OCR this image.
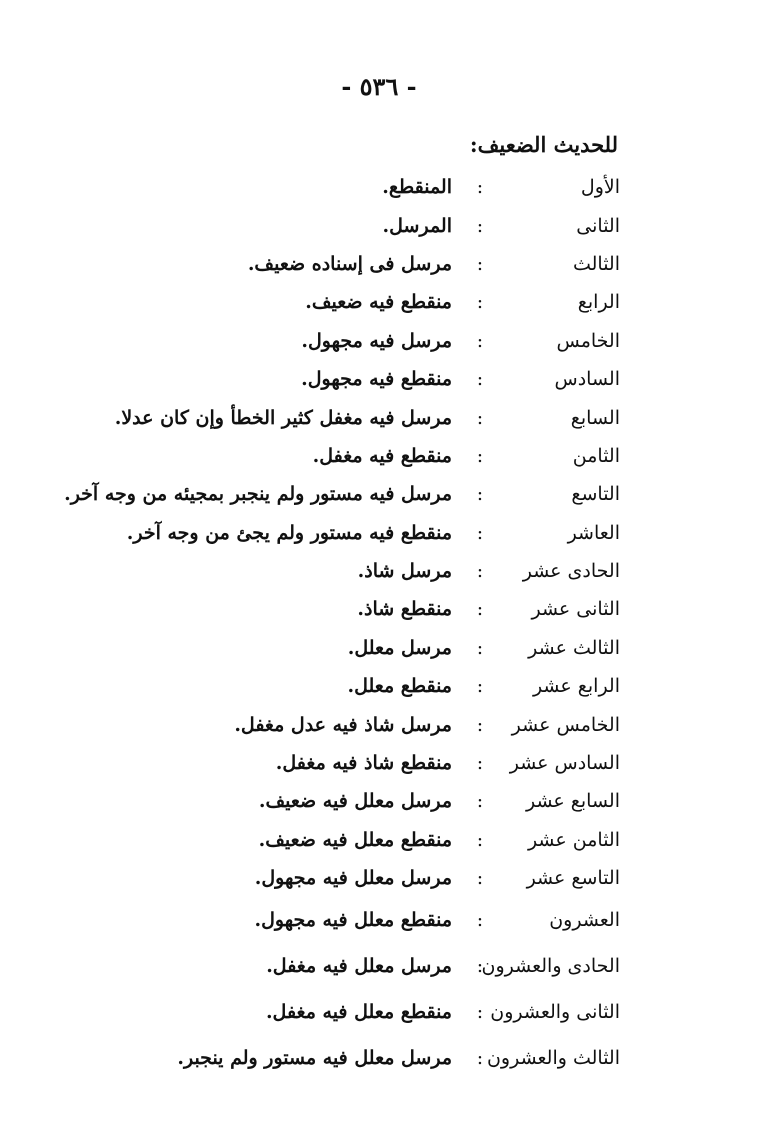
- ٥٣٦ -
للحديث الضعيف:
الأول
:
المنقطع.
الثانى
:
المرسل.
الثالث
:
مرسل فى إسناده ضعيف.
الرابع
:
منقطع فيه ضعيف.
الخامس
:
مرسل فيه مجهول.
السادس
:
منقطع فيه مجهول.
السابع
:
مرسل فيه مغفل كثير الخطأ وإن كان عدلا.
الثامن
:
منقطع فيه مغفل.
التاسع
:
مرسل فيه مستور ولم ينجبر بمجيئه من وجه آخر.
العاشر
:
منقطع فيه مستور ولم يجئ من وجه آخر.
الحادى عشر
:
مرسل شاذ.
الثانى عشر
:
منقطع شاذ.
الثالث عشر
:
مرسل معلل.
الرابع عشر
:
منقطع معلل.
الخامس عشر
:
مرسل شاذ فيه عدل مغفل.
السادس عشر
:
منقطع شاذ فيه مغفل.
السابع عشر
:
مرسل معلل فيه ضعيف.
الثامن عشر
:
منقطع معلل فيه ضعيف.
التاسع عشر
:
مرسل معلل فيه مجهول.
العشرون
:
منقطع معلل فيه مجهول.
الحادى والعشرون
:
مرسل معلل فيه مغفل.
الثانى والعشرون
:
منقطع معلل فيه مغفل.
الثالث والعشرون
:
مرسل معلل فيه مستور ولم ينجبر.
